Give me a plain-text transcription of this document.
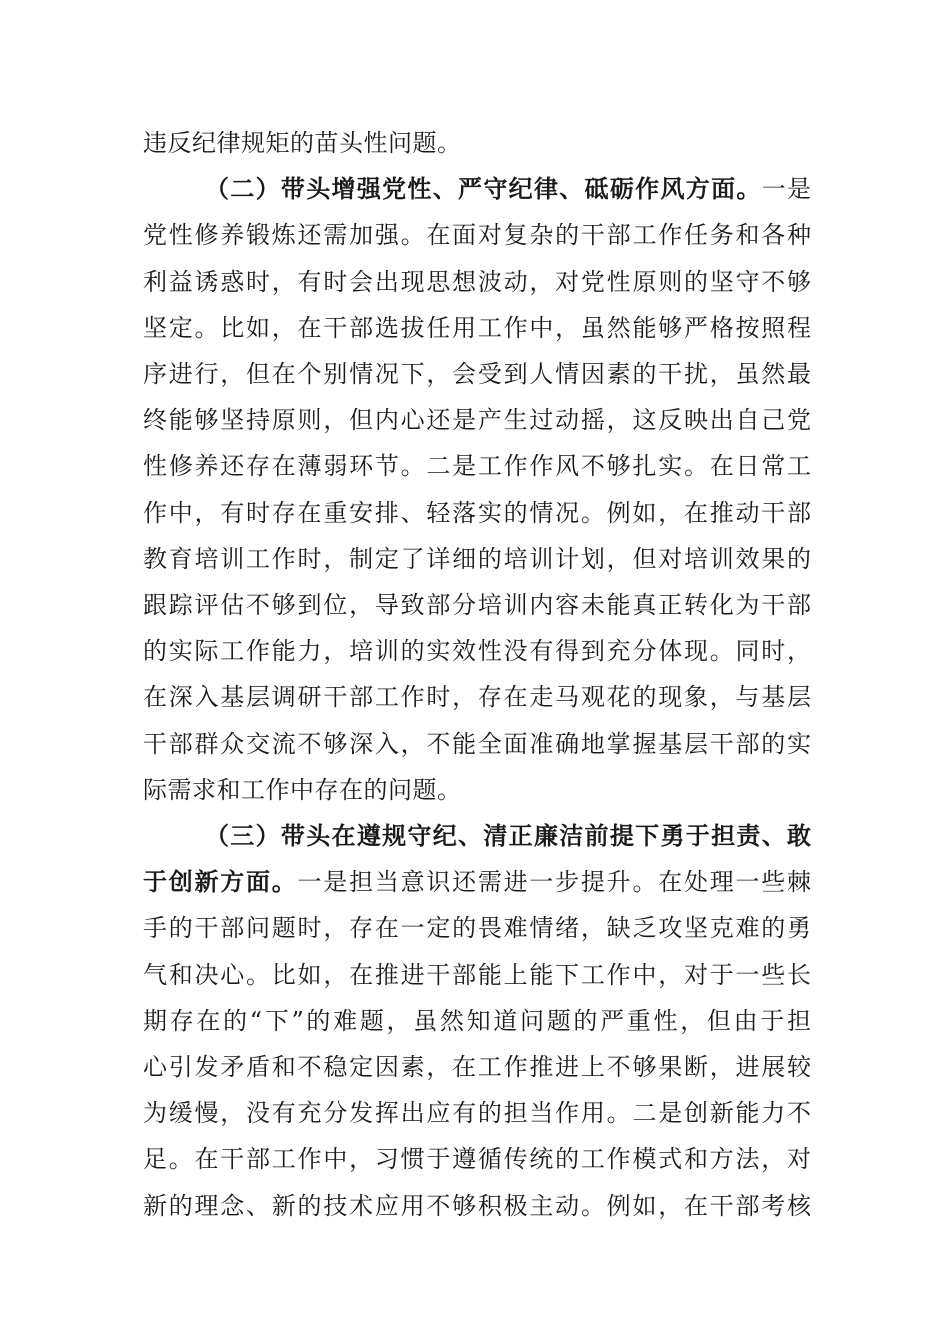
违反纪律规矩的苗头性问题。
（二）带头增强党性、严守纪律、砥砺作风方面。一是
党性修养锻炼还需加强。在面对复杂的干部工作任务和各种
利益诱惑时，有时会出现思想波动，对党性原则的坚守不够
坚定。比如，在干部选拔任用工作中，虽然能够严格按照程
序进行，但在个别情况下，会受到人情因素的干扰，虽然最
终能够坚持原则，但内心还是产生过动摇，这反映出自己党
性修养还存在薄弱环节。二是工作作风不够扎实。在日常工
作中，有时存在重安排、轻落实的情况。例如，在推动干部
教育培训工作时，制定了详细的培训计划，但对培训效果的
跟踪评估不够到位，导致部分培训内容未能真正转化为干部
的实际工作能力，培训的实效性没有得到充分体现。同时，
在深入基层调研干部工作时，存在走马观花的现象，与基层
干部群众交流不够深入，不能全面准确地掌握基层干部的实
际需求和工作中存在的问题。
（三）带头在遵规守纪、清正廉洁前提下勇于担责、敢
于创新方面。一是担当意识还需进一步提升。在处理一些棘
手的干部问题时，存在一定的畏难情绪，缺乏攻坚克难的勇
气和决心。比如，在推进干部能上能下工作中，对于一些长
期存在的“下”的难题，虽然知道问题的严重性，但由于担
心引发矛盾和不稳定因素，在工作推进上不够果断，进展较
为缓慢，没有充分发挥出应有的担当作用。二是创新能力不
足。在干部工作中，习惯于遵循传统的工作模式和方法，对
新的理念、新的技术应用不够积极主动。例如，在干部考核
